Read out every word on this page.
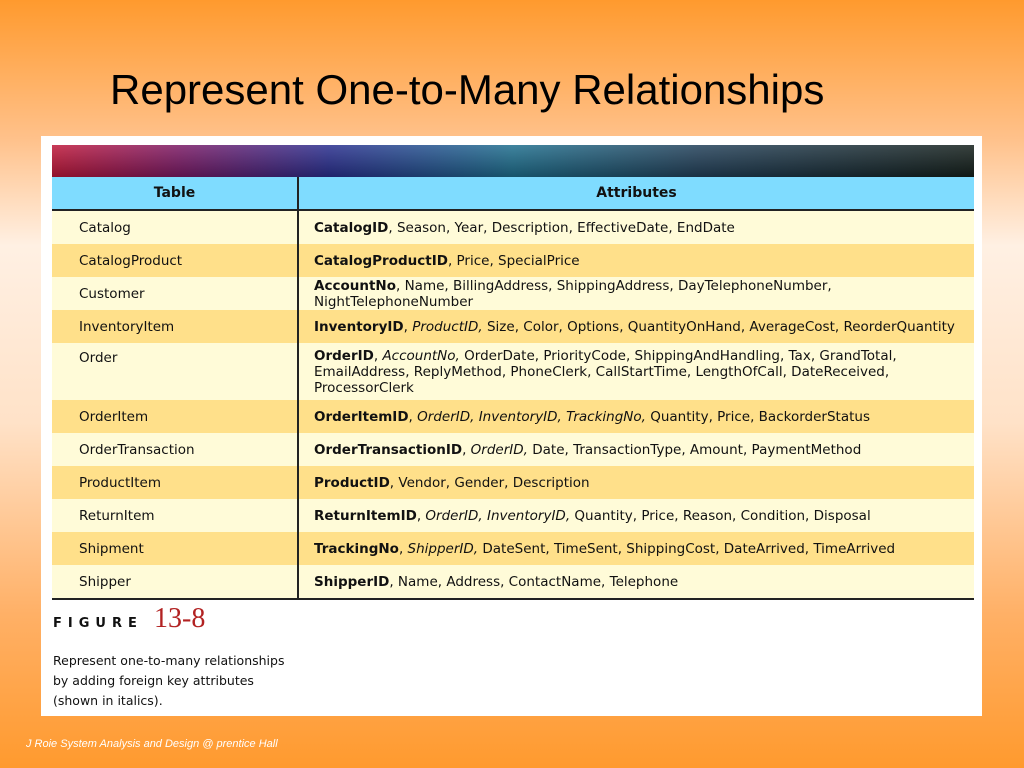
Represent One-to-Many Relationships
Table	Attributes
Catalog	CatalogID, Season, Year, Description, EffectiveDate, EndDate
CatalogProduct	CatalogProductID, Price, SpecialPrice
Customer	AccountNo, Name, BillingAddress, ShippingAddress, DayTelephoneNumber, NightTelephoneNumber
InventoryItem	InventoryID, ProductID, Size, Color, Options, QuantityOnHand, AverageCost, ReorderQuantity
Order	OrderID, AccountNo, OrderDate, PriorityCode, ShippingAndHandling, Tax, GrandTotal, EmailAddress, ReplyMethod, PhoneClerk, CallStartTime, LengthOfCall, DateReceived, ProcessorClerk
OrderItem	OrderItemID, OrderID, InventoryID, TrackingNo, Quantity, Price, BackorderStatus
OrderTransaction	OrderTransactionID, OrderID, Date, TransactionType, Amount, PaymentMethod
ProductItem	ProductID, Vendor, Gender, Description
ReturnItem	ReturnItemID, OrderID, InventoryID, Quantity, Price, Reason, Condition, Disposal
Shipment	TrackingNo, ShipperID, DateSent, TimeSent, ShippingCost, DateArrived, TimeArrived
Shipper	ShipperID, Name, Address, ContactName, Telephone
FIGURE 13-8
Represent one-to-many relationships
by adding foreign key attributes
(shown in italics).
J Roie System Analysis and Design @ prentice Hall
